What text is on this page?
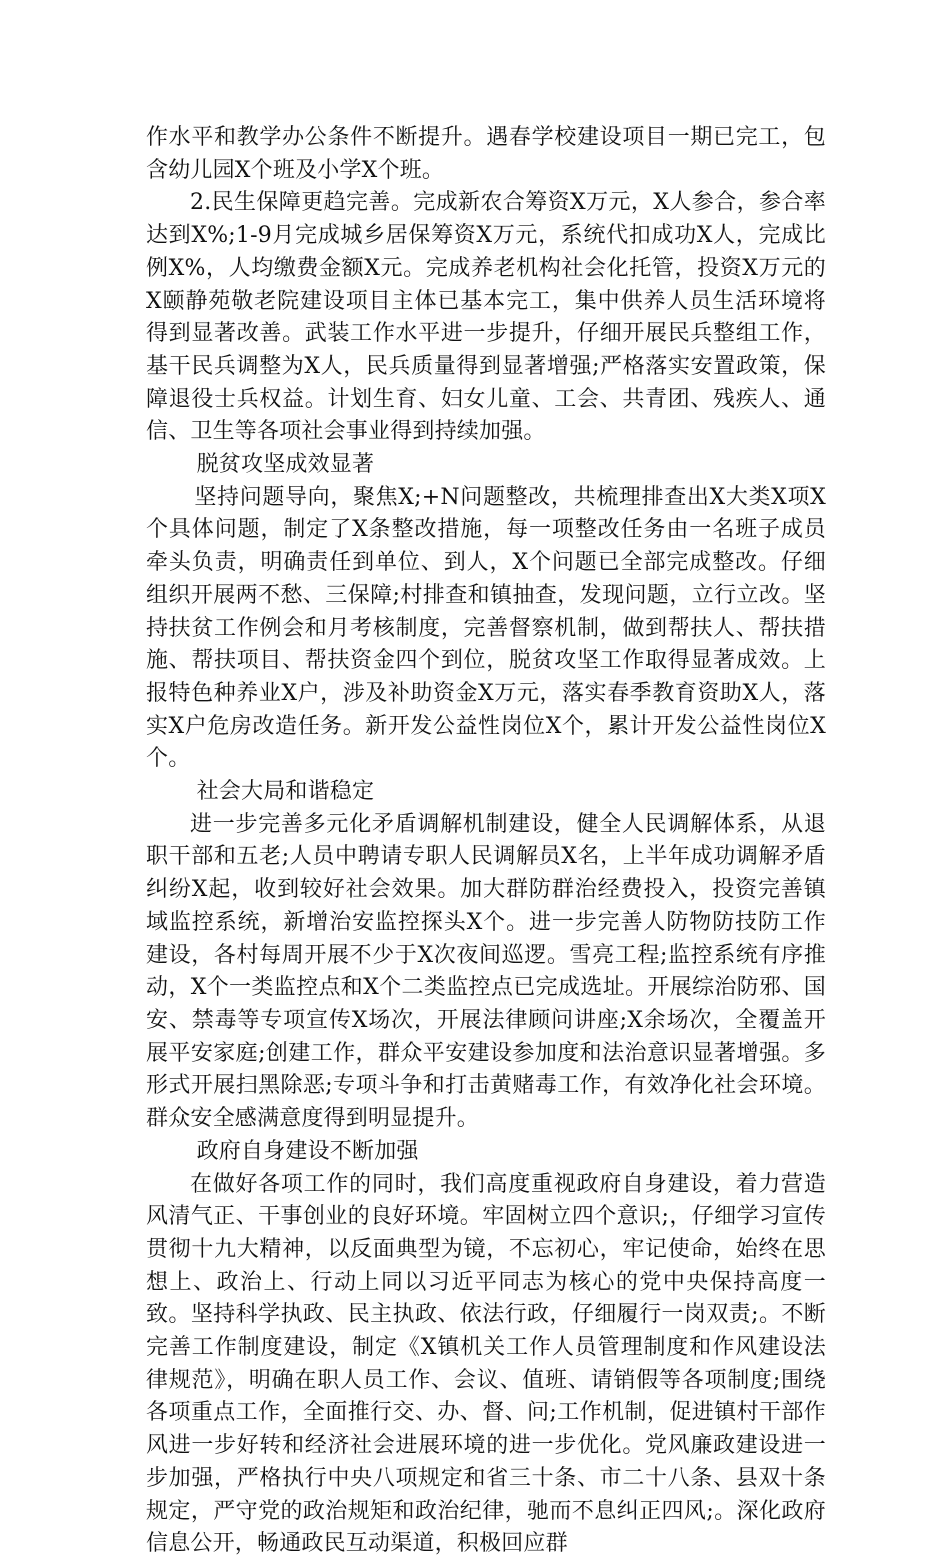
作水平和教学办公条件不断提升。遇春学校建设项目一期已完工，包含幼儿园X个班及小学X个班。

2.民生保障更趋完善。完成新农合筹资X万元，X人参合，参合率达到X%;1-9月完成城乡居保筹资X万元，系统代扣成功X人，完成比例X%，人均缴费金额X元。完成养老机构社会化托管，投资X万元的X颐静苑敬老院建设项目主体已基本完工，集中供养人员生活环境将得到显著改善。武装工作水平进一步提升，仔细开展民兵整组工作，基干民兵调整为X人，民兵质量得到显著增强;严格落实安置政策，保障退役士兵权益。计划生育、妇女儿童、工会、共青团、残疾人、通信、卫生等各项社会事业得到持续加强。

脱贫攻坚成效显著

坚持问题导向，聚焦X;+N问题整改，共梳理排查出X大类X项X个具体问题，制定了X条整改措施，每一项整改任务由一名班子成员牵头负责，明确责任到单位、到人，X个问题已全部完成整改。仔细组织开展两不愁、三保障;村排查和镇抽查，发现问题，立行立改。坚持扶贫工作例会和月考核制度，完善督察机制，做到帮扶人、帮扶措施、帮扶项目、帮扶资金四个到位，脱贫攻坚工作取得显著成效。上报特色种养业X户，涉及补助资金X万元，落实春季教育资助X人，落实X户危房改造任务。新开发公益性岗位X个，累计开发公益性岗位X个。

社会大局和谐稳定

进一步完善多元化矛盾调解机制建设，健全人民调解体系，从退职干部和五老;人员中聘请专职人民调解员X名，上半年成功调解矛盾纠纷X起，收到较好社会效果。加大群防群治经费投入，投资完善镇域监控系统，新增治安监控探头X个。进一步完善人防物防技防工作建设，各村每周开展不少于X次夜间巡逻。雪亮工程;监控系统有序推动，X个一类监控点和X个二类监控点已完成选址。开展综治防邪、国安、禁毒等专项宣传X场次，开展法律顾问讲座;X余场次，全覆盖开展平安家庭;创建工作，群众平安建设参加度和法治意识显著增强。多形式开展扫黑除恶;专项斗争和打击黄赌毒工作，有效净化社会环境。群众安全感满意度得到明显提升。

政府自身建设不断加强

在做好各项工作的同时，我们高度重视政府自身建设，着力营造风清气正、干事创业的良好环境。牢固树立四个意识;，仔细学习宣传贯彻十九大精神，以反面典型为镜，不忘初心，牢记使命，始终在思想上、政治上、行动上同以习近平同志为核心的党中央保持高度一致。坚持科学执政、民主执政、依法行政，仔细履行一岗双责;。不断完善工作制度建设，制定《X镇机关工作人员管理制度和作风建设法律规范》，明确在职人员工作、会议、值班、请销假等各项制度;围绕各项重点工作，全面推行交、办、督、问;工作机制，促进镇村干部作风进一步好转和经济社会进展环境的进一步优化。党风廉政建设进一步加强，严格执行中央八项规定和省三十条、市二十八条、县双十条规定，严守党的政治规矩和政治纪律，驰而不息纠正四风;。深化政府信息公开，畅通政民互动渠道，积极回应群
